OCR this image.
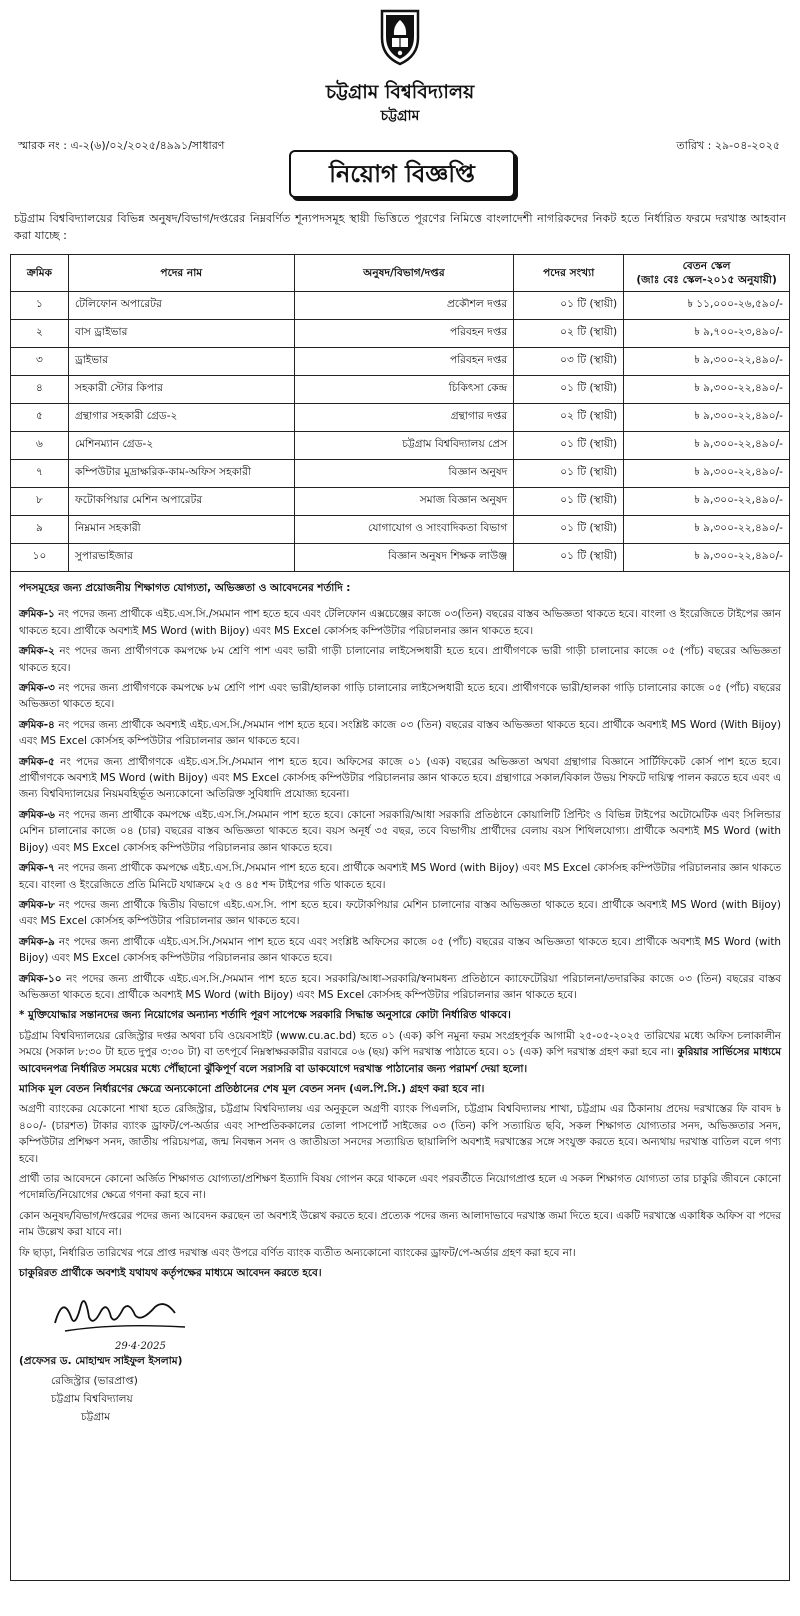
চট্টগ্রাম বিশ্ববিদ্যালয়
চট্টগ্রাম
স্মারক নং : এ-২(৬)/০২/২০২৫/৪৯৯১/সাধারণ	তারিখ : ২৯-০৪-২০২৫
নিয়োগ বিজ্ঞপ্তি
চট্টগ্রাম বিশ্ববিদ্যালয়ের বিভিন্ন অনুষদ/বিভাগ/দপ্তরের নিম্নবর্ণিত শূন্যপদসমূহ স্থায়ী ভিত্তিতে পূরণের নিমিত্তে বাংলাদেশী নাগরিকদের নিকট হতে নির্ধারিত ফরমে দরখাস্ত আহবান করা যাচ্ছে :
ক্রমিক	পদের নাম	অনুষদ/বিভাগ/দপ্তর	পদের সংখ্যা	বেতন স্কেল
(জাঃ বেঃ স্কেল-২০১৫ অনুযায়ী)
১	টেলিফোন অপারেটর	প্রকৌশল দপ্তর	০১ টি (স্থায়ী)	৳ ১১,০০০-২৬,৫৯০/-
২	বাস ড্রাইভার	পরিবহন দপ্তর	০২ টি (স্থায়ী)	৳ ৯,৭০০-২৩,৪৯০/-
৩	ড্রাইভার	পরিবহন দপ্তর	০৩ টি (স্থায়ী)	৳ ৯,৩০০-২২,৪৯০/-
৪	সহকারী স্টোর কিপার	চিকিৎসা কেন্দ্র	০১ টি (স্থায়ী)	৳ ৯,৩০০-২২,৪৯০/-
৫	গ্রন্থাগার সহকারী গ্রেড-২	গ্রন্থাগার দপ্তর	০২ টি (স্থায়ী)	৳ ৯,৩০০-২২,৪৯০/-
৬	মেশিনম্যান গ্রেড-২	চট্টগ্রাম বিশ্ববিদ্যালয় প্রেস	০১ টি (স্থায়ী)	৳ ৯,৩০০-২২,৪৯০/-
৭	কম্পিউটার মুদ্রাক্ষরিক-কাম-অফিস সহকারী	বিজ্ঞান অনুষদ	০১ টি (স্থায়ী)	৳ ৯,৩০০-২২,৪৯০/-
৮	ফটোকপিয়ার মেশিন অপারেটর	সমাজ বিজ্ঞান অনুষদ	০১ টি (স্থায়ী)	৳ ৯,৩০০-২২,৪৯০/-
৯	নিম্নমান সহকারী	যোগাযোগ ও সাংবাদিকতা বিভাগ	০১ টি (স্থায়ী)	৳ ৯,৩০০-২২,৪৯০/-
১০	সুপারভাইজার	বিজ্ঞান অনুষদ শিক্ষক লাউঞ্জ	০১ টি (স্থায়ী)	৳ ৯,৩০০-২২,৪৯০/-

পদসমূহের জন্য প্রয়োজনীয় শিক্ষাগত যোগ্যতা, অভিজ্ঞতা ও আবেদনের শর্তাদি :

ক্রমিক-১ নং পদের জন্য প্রার্থীকে এইচ.এস.সি./সমমান পাশ হতে হবে এবং টেলিফোন এক্সচেঞ্জের কাজে ০৩(তিন) বছরের বাস্তব অভিজ্ঞতা থাকতে হবে। বাংলা ও ইংরেজিতে টাইপের জ্ঞান থাকতে হবে। প্রার্থীকে অবশ্যই MS Word (with Bijoy) এবং MS Excel কোর্সসহ কম্পিউটার পরিচালনার জ্ঞান থাকতে হবে।

ক্রমিক-২ নং পদের জন্য প্রার্থীগণকে কমপক্ষে ৮ম শ্রেণি পাশ এবং ভারী গাড়ী চালানোর লাইসেন্সধারী হতে হবে। প্রার্থীগণকে ভারী গাড়ী চালানোর কাজে ০৫ (পাঁচ) বছরের অভিজ্ঞতা থাকতে হবে।

ক্রমিক-৩ নং পদের জন্য প্রার্থীগণকে কমপক্ষে ৮ম শ্রেণি পাশ এবং ভারী/হালকা গাড়ি চালানোর লাইসেন্সধারী হতে হবে। প্রার্থীগণকে ভারী/হালকা গাড়ি চালানোর কাজে ০৫ (পাঁচ) বছরের অভিজ্ঞতা থাকতে হবে।

ক্রমিক-৪ নং পদের জন্য প্রার্থীকে অবশ্যই এইচ.এস.সি./সমমান পাশ হতে হবে। সংশ্লিষ্ট কাজে ০৩ (তিন) বছরের বাস্তব অভিজ্ঞতা থাকতে হবে। প্রার্থীকে অবশ্যই MS Word (With Bijoy) এবং MS Excel কোর্সসহ কম্পিউটার পরিচালনার জ্ঞান থাকতে হবে।

ক্রমিক-৫ নং পদের জন্য প্রার্থীগণকে এইচ.এস.সি./সমমান পাশ হতে হবে। অফিসের কাজে ০১ (এক) বছরের অভিজ্ঞতা অথবা গ্রন্থাগার বিজ্ঞানে সার্টিফিকেট কোর্স পাশ হতে হবে। প্রার্থীগণকে অবশ্যই MS Word (with Bijoy) এবং MS Excel কোর্সসহ কম্পিউটার পরিচালনার জ্ঞান থাকতে হবে। গ্রন্থাগারে সকাল/বিকাল উভয় শিফটে দায়িত্ব পালন করতে হবে এবং এ জন্য বিশ্ববিদ্যালয়ের নিয়মবহির্ভূত অন্যকোনো অতিরিক্ত সুবিধাদি প্রযোজ্য হবেনা।

ক্রমিক-৬ নং পদের জন্য প্রার্থীকে কমপক্ষে এইচ.এস.সি./সমমান পাশ হতে হবে। কোনো সরকারি/আধা সরকারি প্রতিষ্ঠানে কোয়ালিটি প্রিন্টিং ও বিভিন্ন টাইপের অটোমেটিক এবং সিলিন্ডার মেশিন চালানোর কাজে ০৪ (চার) বছরের বাস্তব অভিজ্ঞতা থাকতে হবে। বয়স অনূর্ধ ৩৫ বছর, তবে বিভাগীয় প্রার্থীদের বেলায় বয়স শিথিলযোগ্য। প্রার্থীকে অবশ্যই MS Word (with Bijoy) এবং MS Excel কোর্সসহ কম্পিউটার পরিচালনার জ্ঞান থাকতে হবে।

ক্রমিক-৭ নং পদের জন্য প্রার্থীকে কমপক্ষে এইচ.এস.সি./সমমান পাশ হতে হবে। প্রার্থীকে অবশ্যই MS Word (with Bijoy) এবং MS Excel কোর্সসহ কম্পিউটার পরিচালনার জ্ঞান থাকতে হবে। বাংলা ও ইংরেজিতে প্রতি মিনিটে যথাক্রমে ২৫ ও ৪৫ শব্দ টাইপের গতি থাকতে হবে।

ক্রমিক-৮ নং পদের জন্য প্রার্থীকে দ্বিতীয় বিভাগে এইচ.এস.সি. পাশ হতে হবে। ফটোকপিয়ার মেশিন চালানোর বাস্তব অভিজ্ঞতা থাকতে হবে। প্রার্থীকে অবশ্যই MS Word (with Bijoy) এবং MS Excel কোর্সসহ কম্পিউটার পরিচালনার জ্ঞান থাকতে হবে।

ক্রমিক-৯ নং পদের জন্য প্রার্থীকে এইচ.এস.সি./সমমান পাশ হতে হবে এবং সংশ্লিষ্ট অফিসের কাজে ০৫ (পাঁচ) বছরের বাস্তব অভিজ্ঞতা থাকতে হবে। প্রার্থীকে অবশ্যই MS Word (with Bijoy) এবং MS Excel কোর্সসহ কম্পিউটার পরিচালনার জ্ঞান থাকতে হবে।

ক্রমিক-১০ নং পদের জন্য প্রার্থীকে এইচ.এস.সি./সমমান পাশ হতে হবে। সরকারি/আধা-সরকারি/স্বনামধন্য প্রতিষ্ঠানে ক্যাফেটেরিয়া পরিচালনা/তদারকির কাজে ০৩ (তিন) বছরের বাস্তব অভিজ্ঞতা থাকতে হবে। প্রার্থীকে অবশ্যই MS Word (with Bijoy) এবং MS Excel কোর্সসহ কম্পিউটার পরিচালনার জ্ঞান থাকতে হবে।

* মুক্তিযোদ্ধার সন্তানদের জন্য নিয়োগের অন্যান্য শর্তাদি পূরণ সাপেক্ষে সরকারি সিদ্ধান্ত অনুসারে কোটা নির্ধারিত থাকবে।

চট্টগ্রাম বিশ্ববিদ্যালয়ের রেজিস্ট্রার দপ্তর অথবা চবি ওয়েবসাইট (www.cu.ac.bd) হতে ০১ (এক) কপি নমুনা ফরম সংগ্রহপূর্বক আগামী ২৫-০৫-২০২৫ তারিখের মধ্যে অফিস চলাকালীন সময়ে (সকাল ৮:৩০ টা হতে দুপুর ৩:৩০ টা) বা তৎপূর্বে নিম্নস্বাক্ষরকারীর বরাবরে ০৬ (ছয়) কপি দরখাস্ত পাঠাতে হবে। ০১ (এক) কপি দরখাস্ত গ্রহণ করা হবে না। কুরিয়ার সার্ভিসের মাধ্যমে আবেদনপত্র নির্ধারিত সময়ের মধ্যে পৌঁছানো ঝুঁকিপূর্ণ বলে সরাসরি বা ডাকযোগে দরখাস্ত পাঠানোর জন্য পরামর্শ দেয়া হলো।

মাসিক মূল বেতন নির্ধারণের ক্ষেত্রে অন্যকোনো প্রতিষ্ঠানের শেষ মূল বেতন সনদ (এল.পি.সি.) গ্রহণ করা হবে না।

অগ্রণী ব্যাংকের যেকোনো শাখা হতে রেজিস্ট্রার, চট্টগ্রাম বিশ্ববিদ্যালয় এর অনুকূলে অগ্রণী ব্যাংক পিএলসি, চট্টগ্রাম বিশ্ববিদ্যালয় শাখা, চট্টগ্রাম এর ঠিকানায় প্রদেয় দরখাস্তের ফি বাবদ ৳ ৪০০/- (চারশত) টাকার ব্যাংক ড্রাফট/পে-অর্ডার এবং সাম্প্রতিককালের তোলা পাসপোর্ট সাইজের ০৩ (তিন) কপি সত্যায়িত ছবি, সকল শিক্ষাগত যোগ্যতার সনদ, অভিজ্ঞতার সনদ, কম্পিউটার প্রশিক্ষণ সনদ, জাতীয় পরিচয়পত্র, জন্ম নিবন্ধন সনদ ও জাতীয়তা সনদের সত্যায়িত ছায়ালিপি অবশ্যই দরখাস্তের সঙ্গে সংযুক্ত করতে হবে। অন্যথায় দরখাস্ত বাতিল বলে গণ্য হবে।

প্রার্থী তার আবেদনে কোনো অর্জিত শিক্ষাগত যোগ্যতা/প্রশিক্ষণ ইত্যাদি বিষয় গোপন করে থাকলে এবং পরবর্তীতে নিয়োগপ্রাপ্ত হলে এ সকল শিক্ষাগত যোগ্যতা তার চাকুরি জীবনে কোনো পদোন্নতি/নিয়োগের ক্ষেত্রে গণনা করা হবে না।

কোন অনুষদ/বিভাগ/দপ্তরের পদের জন্য আবেদন করছেন তা অবশ্যই উল্লেখ করতে হবে। প্রত্যেক পদের জন্য আলাদাভাবে দরখাস্ত জমা দিতে হবে। একটি দরখাস্তে একাধিক অফিস বা পদের নাম উল্লেখ করা যাবে না।

ফি ছাড়া, নির্ধারিত তারিখের পরে প্রাপ্ত দরখাস্ত এবং উপরে বর্ণিত ব্যাংক ব্যতীত অন্যকোনো ব্যাংকের ড্রাফট/পে-অর্ডার গ্রহণ করা হবে না।

চাকুরিরত প্রার্থীকে অবশ্যই যথাযথ কর্তৃপক্ষের মাধ্যমে আবেদন করতে হবে।

29·4·2025
(প্রফেসর ড. মোহাম্মদ সাইফুল ইসলাম)
রেজিস্ট্রার (ভারপ্রাপ্ত)
চট্টগ্রাম বিশ্ববিদ্যালয়
চট্টগ্রাম
